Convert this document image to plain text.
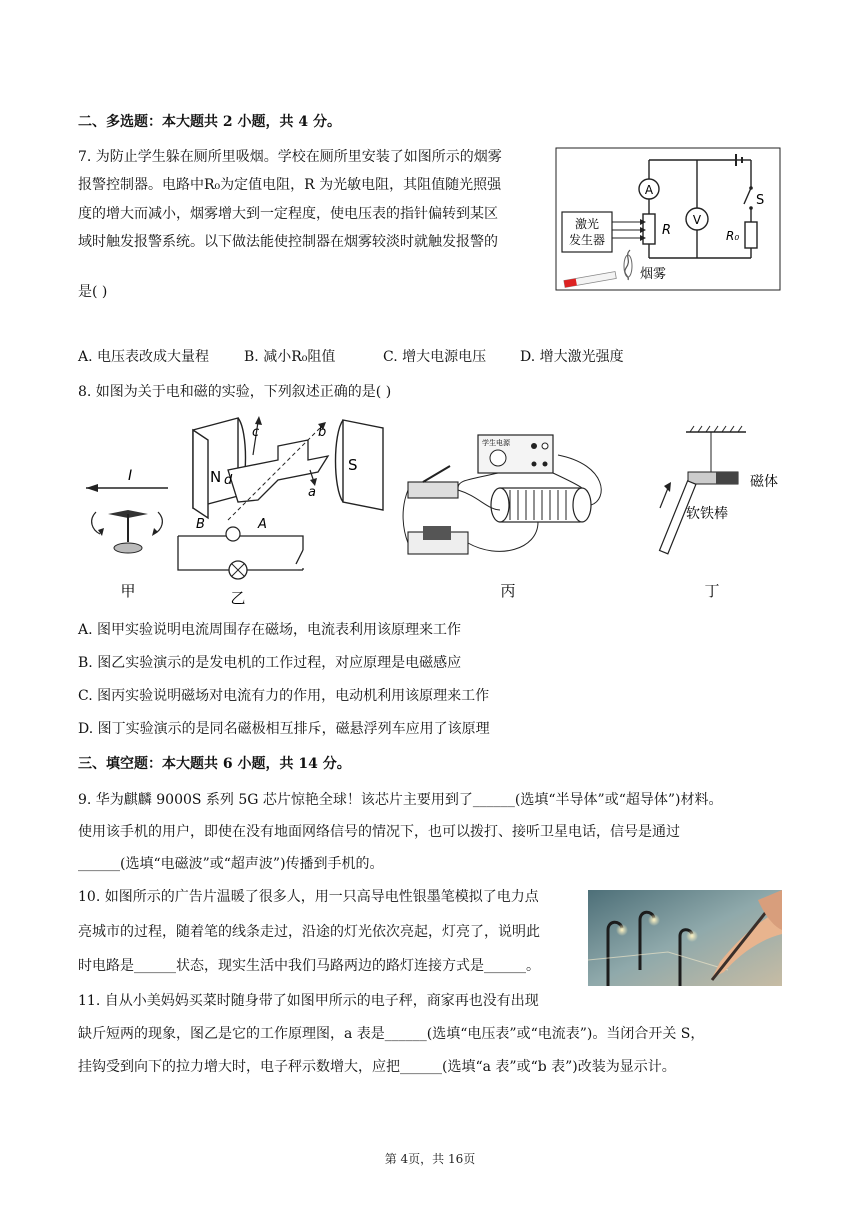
二、多选题：本大题共 2 小题，共 4 分。
7. 为防止学生躲在厕所里吸烟。学校在厕所里安装了如图所示的烟雾
报警控制器。电路中R₀为定值电阻，R 为光敏电阻，其阻值随光照强
度的增大而减小，烟雾增大到一定程度，使电压表的指针偏转到某区
域时触发报警系统。以下做法能使控制器在烟雾较淡时就触发报警的
是( )
A
R
V
S
R₀
激光
发生器
烟雾
A. 电压表改成大量程 B. 减小R₀阻值	C. 增大电源电压 D. 增大激光强度
8. 如图为关于电和磁的实验，下列叙述正确的是( )
I
甲
N
S
c	b
d
a
B	A
乙
学生电源
丙
磁体
软铁棒
丁
A. 图甲实验说明电流周围存在磁场，电流表利用该原理来工作
B. 图乙实验演示的是发电机的工作过程，对应原理是电磁感应
C. 图丙实验说明磁场对电流有力的作用，电动机利用该原理来工作
D. 图丁实验演示的是同名磁极相互排斥，磁悬浮列车应用了该原理
三、填空题：本大题共 6 小题，共 14 分。
9. 华为麒麟 9000S 系列 5G 芯片惊艳全球！该芯片主要用到了______(选填“半导体”或“超导体”)材料。
使用该手机的用户，即使在没有地面网络信号的情况下，也可以拨打、接听卫星电话，信号是通过
______(选填“电磁波”或“超声波”)传播到手机的。
10. 如图所示的广告片温暖了很多人，用一只高导电性银墨笔模拟了电力点
亮城市的过程，随着笔的线条走过，沿途的灯光依次亮起，灯亮了，说明此
时电路是______状态，现实生活中我们马路两边的路灯连接方式是______。
11. 自从小美妈妈买菜时随身带了如图甲所示的电子秤，商家再也没有出现
缺斤短两的现象，图乙是它的工作原理图，a 表是______(选填“电压表”或“电流表”)。当闭合开关 S，
挂钩受到向下的拉力增大时，电子秤示数增大，应把______(选填“a 表”或“b 表”)改装为显示计。
第 4页，共 16页
